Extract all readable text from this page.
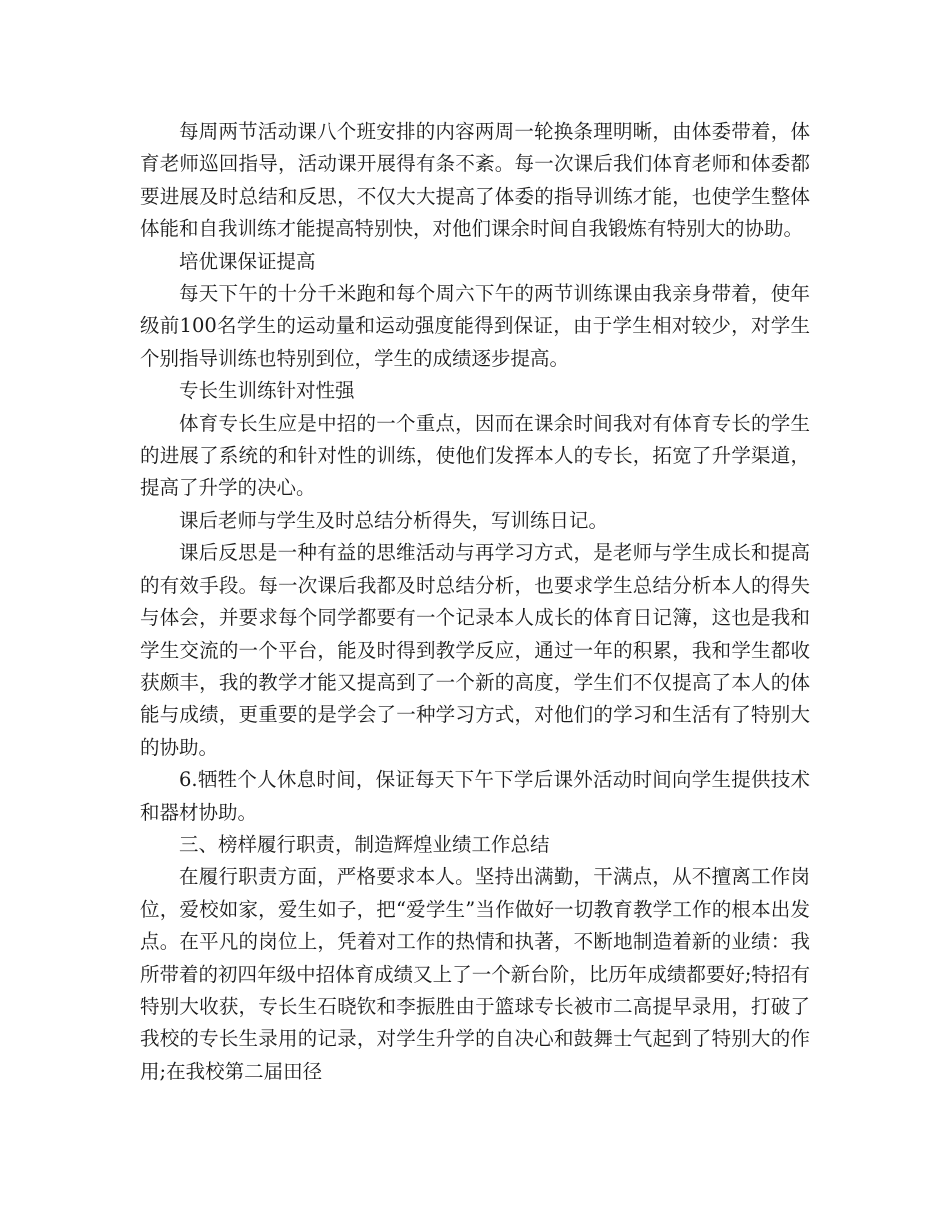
每周两节活动课八个班安排的内容两周一轮换条理明晰，由体委带着，体育老师巡回指导，活动课开展得有条不紊。每一次课后我们体育老师和体委都要进展及时总结和反思，不仅大大提高了体委的指导训练才能，也使学生整体体能和自我训练才能提高特别快，对他们课余时间自我锻炼有特别大的协助。

培优课保证提高

每天下午的十分千米跑和每个周六下午的两节训练课由我亲身带着，使年级前100名学生的运动量和运动强度能得到保证，由于学生相对较少，对学生个别指导训练也特别到位，学生的成绩逐步提高。

专长生训练针对性强

体育专长生应是中招的一个重点，因而在课余时间我对有体育专长的学生的进展了系统的和针对性的训练，使他们发挥本人的专长，拓宽了升学渠道，提高了升学的决心。

课后老师与学生及时总结分析得失，写训练日记。

课后反思是一种有益的思维活动与再学习方式，是老师与学生成长和提高的有效手段。每一次课后我都及时总结分析，也要求学生总结分析本人的得失与体会，并要求每个同学都要有一个记录本人成长的体育日记簿，这也是我和学生交流的一个平台，能及时得到教学反应，通过一年的积累，我和学生都收获颇丰，我的教学才能又提高到了一个新的高度，学生们不仅提高了本人的体能与成绩，更重要的是学会了一种学习方式，对他们的学习和生活有了特别大的协助。

6.牺牲个人休息时间，保证每天下午下学后课外活动时间向学生提供技术和器材协助。

三、榜样履行职责，制造辉煌业绩工作总结

在履行职责方面，严格要求本人。坚持出满勤，干满点，从不擅离工作岗位，爱校如家，爱生如子，把“爱学生”当作做好一切教育教学工作的根本出发点。在平凡的岗位上，凭着对工作的热情和执著，不断地制造着新的业绩：我所带着的初四年级中招体育成绩又上了一个新台阶，比历年成绩都要好;特招有特别大收获，专长生石晓钦和李振胜由于篮球专长被市二高提早录用，打破了我校的专长生录用的记录，对学生升学的自决心和鼓舞士气起到了特别大的作用;在我校第二届田径
